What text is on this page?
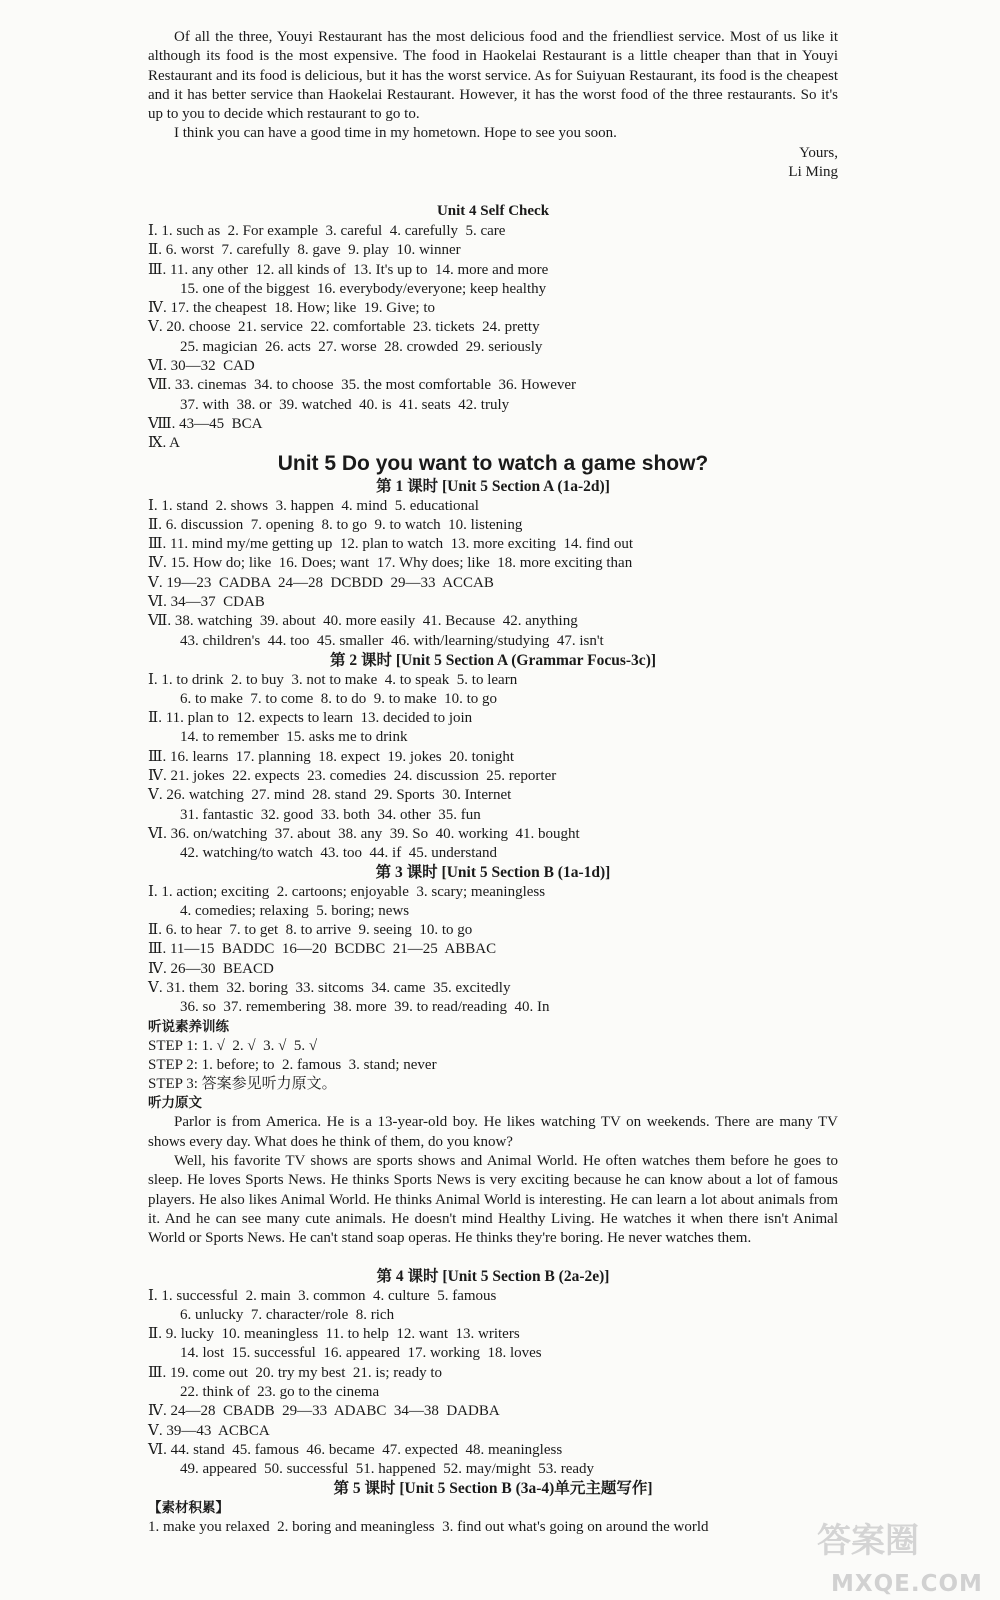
Of all the three, Youyi Restaurant has the most delicious food and the friendliest service. Most of us like it although its food is the most expensive. The food in Haokelai Restaurant is a little cheaper than that in Youyi Restaurant and its food is delicious, but it has the worst service. As for Suiyuan Restaurant, its food is the cheapest and it has better service than Haokelai Restaurant. However, it has the worst food of the three restaurants. So it's up to you to decide which restaurant to go to.

I think you can have a good time in my hometown. Hope to see you soon.

Yours,

Li Ming

Unit 4 Self Check

Ⅰ. 1. such as  2. For example  3. careful  4. carefully  5. care

Ⅱ. 6. worst  7. carefully  8. gave  9. play  10. winner

Ⅲ. 11. any other  12. all kinds of  13. It's up to  14. more and more

15. one of the biggest  16. everybody/everyone; keep healthy

Ⅳ. 17. the cheapest  18. How; like  19. Give; to

Ⅴ. 20. choose  21. service  22. comfortable  23. tickets  24. pretty

25. magician  26. acts  27. worse  28. crowded  29. seriously

Ⅵ. 30—32  CAD

Ⅶ. 33. cinemas  34. to choose  35. the most comfortable  36. However

37. with  38. or  39. watched  40. is  41. seats  42. truly

Ⅷ. 43—45  BCA

Ⅸ. A

Unit 5 Do you want to watch a game show?

第 1 课时 [Unit 5 Section A (1a-2d)]

Ⅰ. 1. stand  2. shows  3. happen  4. mind  5. educational

Ⅱ. 6. discussion  7. opening  8. to go  9. to watch  10. listening

Ⅲ. 11. mind my/me getting up  12. plan to watch  13. more exciting  14. find out

Ⅳ. 15. How do; like  16. Does; want  17. Why does; like  18. more exciting than

Ⅴ. 19—23  CADBA  24—28  DCBDD  29—33  ACCAB

Ⅵ. 34—37  CDAB

Ⅶ. 38. watching  39. about  40. more easily  41. Because  42. anything

43. children's  44. too  45. smaller  46. with/learning/studying  47. isn't

第 2 课时 [Unit 5 Section A (Grammar Focus-3c)]

Ⅰ. 1. to drink  2. to buy  3. not to make  4. to speak  5. to learn

6. to make  7. to come  8. to do  9. to make  10. to go

Ⅱ. 11. plan to  12. expects to learn  13. decided to join

14. to remember  15. asks me to drink

Ⅲ. 16. learns  17. planning  18. expect  19. jokes  20. tonight

Ⅳ. 21. jokes  22. expects  23. comedies  24. discussion  25. reporter

Ⅴ. 26. watching  27. mind  28. stand  29. Sports  30. Internet

31. fantastic  32. good  33. both  34. other  35. fun

Ⅵ. 36. on/watching  37. about  38. any  39. So  40. working  41. bought

42. watching/to watch  43. too  44. if  45. understand

第 3 课时 [Unit 5 Section B (1a-1d)]

Ⅰ. 1. action; exciting  2. cartoons; enjoyable  3. scary; meaningless

4. comedies; relaxing  5. boring; news

Ⅱ. 6. to hear  7. to get  8. to arrive  9. seeing  10. to go

Ⅲ. 11—15  BADDC  16—20  BCDBC  21—25  ABBAC

Ⅳ. 26—30  BEACD

Ⅴ. 31. them  32. boring  33. sitcoms  34. came  35. excitedly

36. so  37. remembering  38. more  39. to read/reading  40. In

听说素养训练

STEP 1: 1. √  2. √  3. √  5. √

STEP 2: 1. before; to  2. famous  3. stand; never

STEP 3: 答案参见听力原文。

听力原文

Parlor is from America. He is a 13-year-old boy. He likes watching TV on weekends. There are many TV shows every day. What does he think of them, do you know?

Well, his favorite TV shows are sports shows and Animal World. He often watches them before he goes to sleep. He loves Sports News. He thinks Sports News is very exciting because he can know about a lot of famous players. He also likes Animal World. He thinks Animal World is interesting. He can learn a lot about animals from it. And he can see many cute animals. He doesn't mind Healthy Living. He watches it when there isn't Animal World or Sports News. He can't stand soap operas. He thinks they're boring. He never watches them.

第 4 课时 [Unit 5 Section B (2a-2e)]

Ⅰ. 1. successful  2. main  3. common  4. culture  5. famous

6. unlucky  7. character/role  8. rich

Ⅱ. 9. lucky  10. meaningless  11. to help  12. want  13. writers

14. lost  15. successful  16. appeared  17. working  18. loves

Ⅲ. 19. come out  20. try my best  21. is; ready to

22. think of  23. go to the cinema

Ⅳ. 24—28  CBADB  29—33  ADABC  34—38  DADBA

Ⅴ. 39—43  ACBCA

Ⅵ. 44. stand  45. famous  46. became  47. expected  48. meaningless

49. appeared  50. successful  51. happened  52. may/might  53. ready

第 5 课时 [Unit 5 Section B (3a-4)单元主题写作]

【素材积累】

1. make you relaxed  2. boring and meaningless  3. find out what's going on around the world	答案圈
MXQE.COM
